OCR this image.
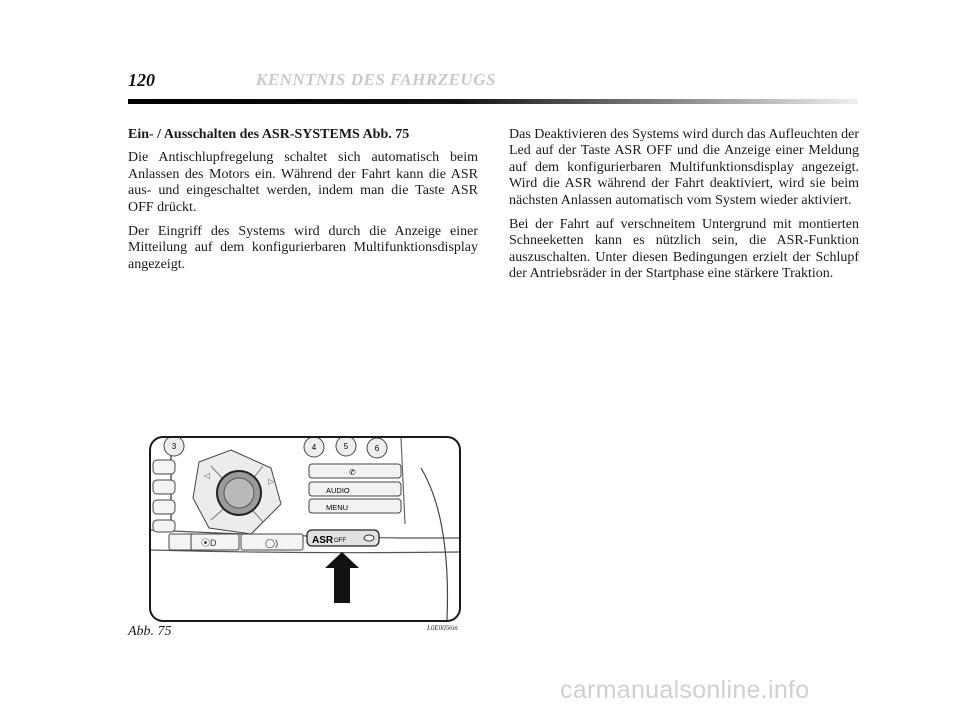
120	KENNTNIS DES FAHRZEUGS
Ein- / Ausschalten des ASR-SYSTEMS Abb. 75

Die Antischlupfregelung schaltet sich automatisch beim Anlassen des Motors ein. Während der Fahrt kann die ASR aus- und eingeschaltet werden, indem man die Taste ASR OFF drückt.

Der Eingriff des Systems wird durch die Anzeige einer Mitteilung auf dem konfigurierbaren Multifunktionsdisplay angezeigt.

Das Deaktivieren des Systems wird durch das Aufleuchten der Led auf der Taste ASR OFF und die Anzeige einer Meldung auf dem konfigurierbaren Multifunktionsdisplay angezeigt. Wird die ASR während der Fahrt deaktiviert, wird sie beim nächsten Anlassen automatisch vom System wieder aktiviert.

Bei der Fahrt auf verschneitem Untergrund mit montierten Schneeketten kann es nützlich sein, die ASR-Funktion auszuschalten. Unter diesen Bedingungen erzielt der Schlupf der Antriebsräder in der Startphase eine stärkere Traktion.

◁
▷
3	4	5	6
✆
AUDIO
MENU
⦿D	◯)	ASR OFF
Abb. 75	L0E0056m
carmanualsonline.info
